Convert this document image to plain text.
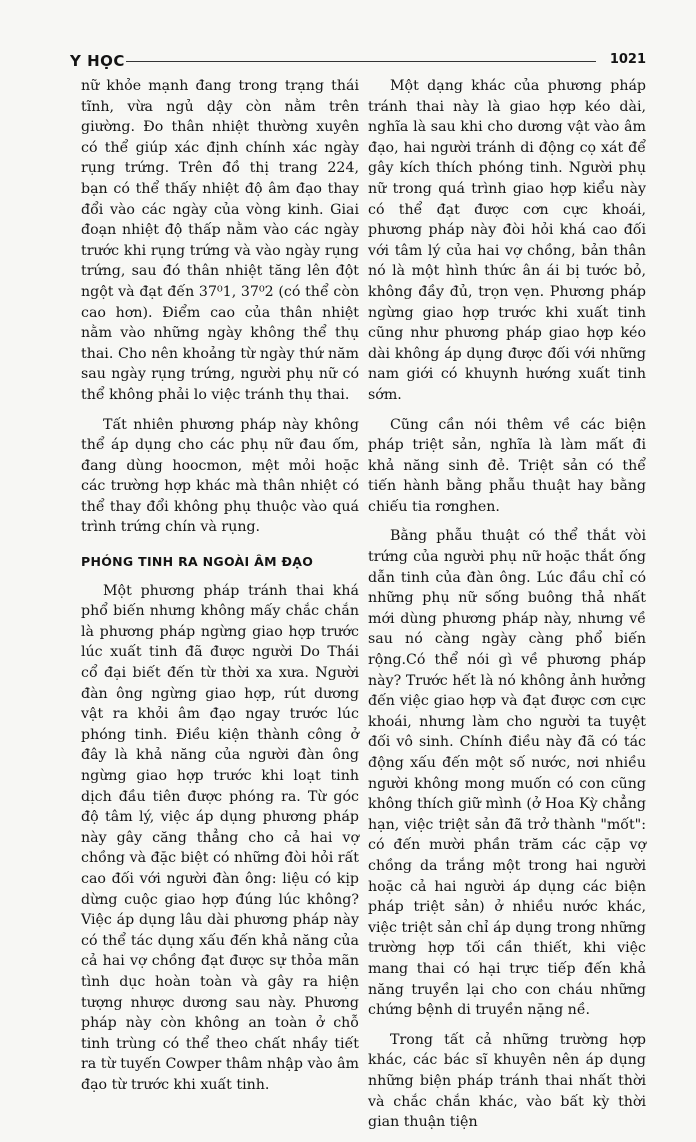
Y HỌC	1021

nữ khỏe mạnh đang trong trạng thái tĩnh, vừa ngủ dậy còn nằm trên giường. Đo thân nhiệt thường xuyên có thể giúp xác định chính xác ngày rụng trứng. Trên đồ thị trang 224, bạn có thể thấy nhiệt độ âm đạo thay đổi vào các ngày của vòng kinh. Giai đoạn nhiệt độ thấp nằm vào các ngày trước khi rụng trứng và vào ngày rụng trứng, sau đó thân nhiệt tăng lên đột ngột và đạt đến 37⁰1, 37⁰2 (có thể còn cao hơn). Điểm cao của thân nhiệt nằm vào những ngày không thể thụ thai. Cho nên khoảng từ ngày thứ năm sau ngày rụng trứng, người phụ nữ có thể không phải lo việc tránh thụ thai.

Tất nhiên phương pháp này không thể áp dụng cho các phụ nữ đau ốm, đang dùng hoocmon, mệt mỏi hoặc các trường hợp khác mà thân nhiệt có thể thay đổi không phụ thuộc vào quá trình trứng chín và rụng.

PHÓNG TINH RA NGOÀI ÂM ĐẠO

Một phương pháp tránh thai khá phổ biến nhưng không mấy chắc chắn là phương pháp ngừng giao hợp trước lúc xuất tinh đã được người Do Thái cổ đại biết đến từ thời xa xưa. Người đàn ông ngừng giao hợp, rút dương vật ra khỏi âm đạo ngay trước lúc phóng tinh. Điều kiện thành công ở đây là khả năng của người đàn ông ngừng giao hợp trước khi loạt tinh dịch đầu tiên được phóng ra. Từ góc độ tâm lý, việc áp dụng phương pháp này gây căng thẳng cho cả hai vợ chồng và đặc biệt có những đòi hỏi rất cao đối với người đàn ông: liệu có kịp dừng cuộc giao hợp đúng lúc không? Việc áp dụng lâu dài phương pháp này có thể tác dụng xấu đến khả năng của cả hai vợ chồng đạt được sự thỏa mãn tình dục hoàn toàn và gây ra hiện tượng nhược dương sau này. Phương pháp này còn không an toàn ở chỗ tinh trùng có thể theo chất nhầy tiết ra từ tuyến Cowper thâm nhập vào âm đạo từ trước khi xuất tinh.

Một dạng khác của phương pháp tránh thai này là giao hợp kéo dài, nghĩa là sau khi cho dương vật vào âm đạo, hai người tránh di động cọ xát để gây kích thích phóng tinh. Người phụ nữ trong quá trình giao hợp kiểu này có thể đạt được cơn cực khoái, phương pháp này đòi hỏi khá cao đối với tâm lý của hai vợ chồng, bản thân nó là một hình thức ân ái bị tước bỏ, không đầy đủ, trọn vẹn. Phương pháp ngừng giao hợp trước khi xuất tinh cũng như phương pháp giao hợp kéo dài không áp dụng được đối với những nam giới có khuynh hướng xuất tinh sớm.

Cũng cần nói thêm về các biện pháp triệt sản, nghĩa là làm mất đi khả năng sinh đẻ. Triệt sản có thể tiến hành bằng phẫu thuật hay bằng chiếu tia rơnghen.

Bằng phẫu thuật có thể thắt vòi trứng của người phụ nữ hoặc thắt ống dẫn tinh của đàn ông. Lúc đầu chỉ có những phụ nữ sống buông thả nhất mới dùng phương pháp này, nhưng về sau nó càng ngày càng phổ biến rộng.Có thể nói gì về phương pháp này? Trước hết là nó không ảnh hưởng đến việc giao hợp và đạt được cơn cực khoái, nhưng làm cho người ta tuyệt đối vô sinh. Chính điều này đã có tác động xấu đến một số nước, nơi nhiều người không mong muốn có con cũng không thích giữ mình (ở Hoa Kỳ chẳng hạn, việc triệt sản đã trở thành "mốt": có đến mười phần trăm các cặp vợ chồng da trắng một trong hai người hoặc cả hai người áp dụng các biện pháp triệt sản) ở nhiều nước khác, việc triệt sản chỉ áp dụng trong những trường hợp tối cần thiết, khi việc mang thai có hại trực tiếp đến khả năng truyền lại cho con cháu những chứng bệnh di truyền nặng nề.

Trong tất cả những trường hợp khác, các bác sĩ khuyên nên áp dụng những biện pháp tránh thai nhất thời và chắc chắn khác, vào bất kỳ thời gian thuận tiện
